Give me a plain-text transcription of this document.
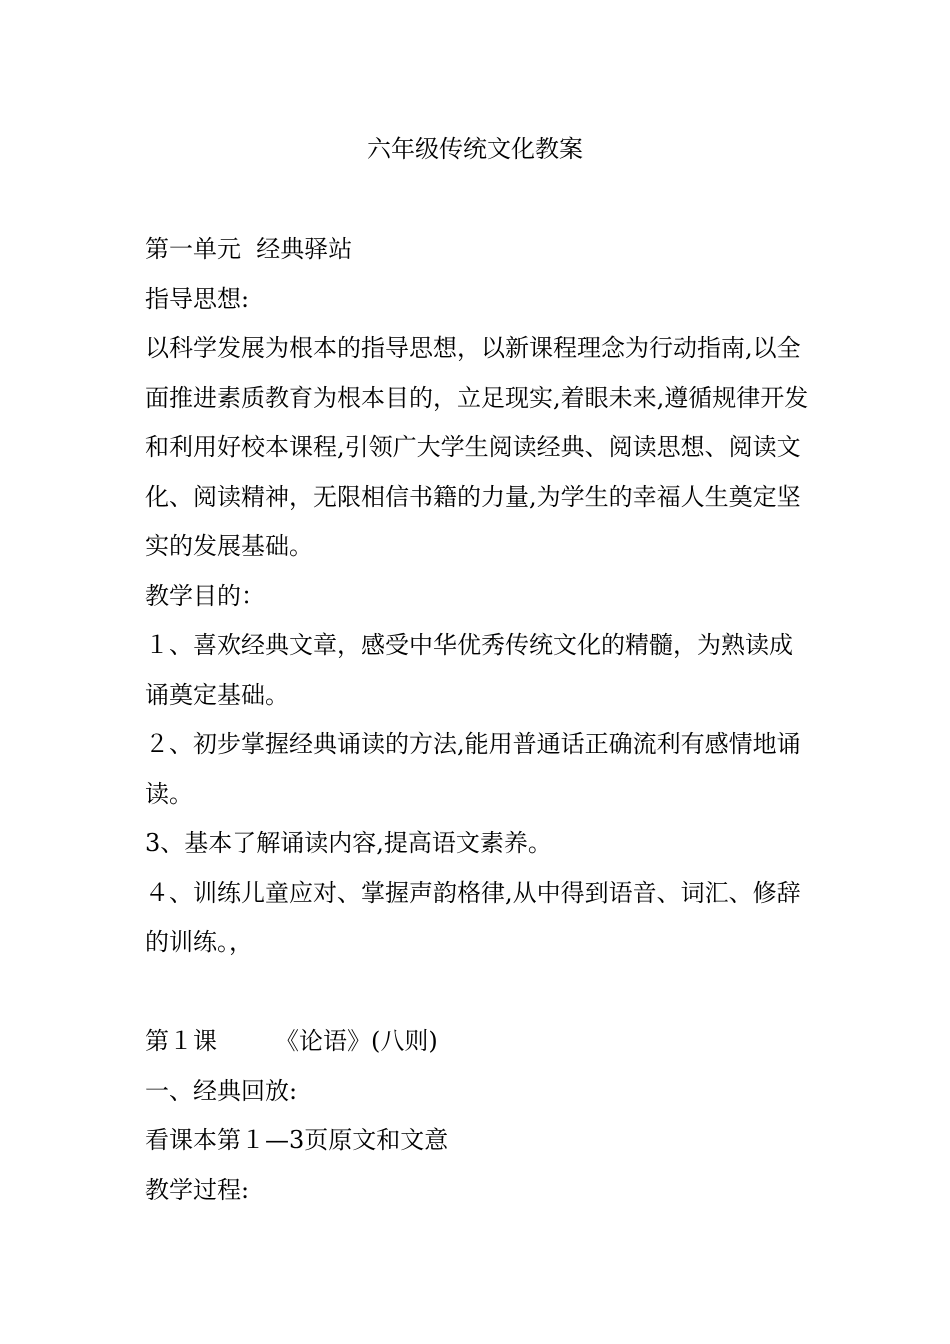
六年级传统文化教案

第一单元  经典驿站

指导思想:

以科学发展为根本的指导思想，以新课程理念为行动指南,以全面推进素质教育为根本目的，立足现实,着眼未来,遵循规律开发和利用好校本课程,引领广大学生阅读经典、阅读思想、阅读文化、阅读精神，无限相信书籍的力量,为学生的幸福人生奠定坚实的发展基础。

教学目的：

１、喜欢经典文章，感受中华优秀传统文化的精髓，为熟读成诵奠定基础。

２、初步掌握经典诵读的方法,能用普通话正确流利有感情地诵读。

3、基本了解诵读内容,提高语文素养。

４、训练儿童应对、掌握声韵格律,从中得到语音、词汇、修辞的训练。，

第１课 《论语》(八则)

一、经典回放:

看课本第１—3页原文和文意

教学过程:
